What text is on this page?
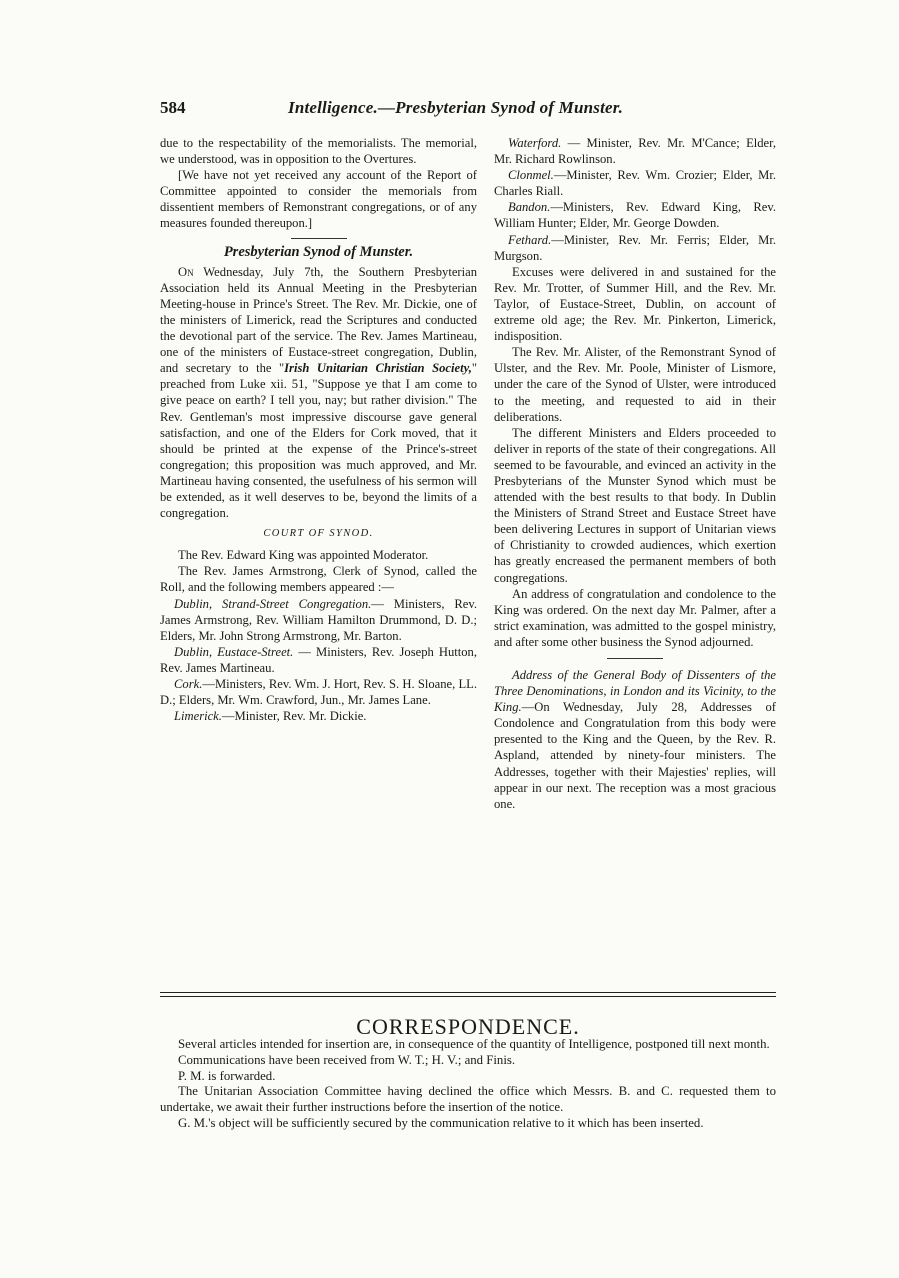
584	Intelligence.—Presbyterian Synod of Munster.

due to the respectability of the memorialists. The memorial, we understood, was in opposition to the Overtures.

[We have not yet received any account of the Report of Committee appointed to consider the memorials from dissentient members of Remonstrant congregations, or of any measures founded thereupon.]

Presbyterian Synod of Munster.

On Wednesday, July 7th, the Southern Presbyterian Association held its Annual Meeting in the Presbyterian Meeting-house in Prince's Street. The Rev. Mr. Dickie, one of the ministers of Limerick, read the Scriptures and conducted the devotional part of the service. The Rev. James Martineau, one of the ministers of Eustace-street congregation, Dublin, and secretary to the "Irish Unitarian Christian Society," preached from Luke xii. 51, "Suppose ye that I am come to give peace on earth? I tell you, nay; but rather division." The Rev. Gentleman's most impressive discourse gave general satisfaction, and one of the Elders for Cork moved, that it should be printed at the expense of the Prince's-street congregation; this proposition was much approved, and Mr. Martineau having consented, the usefulness of his sermon will be extended, as it well deserves to be, beyond the limits of a congregation.

COURT OF SYNOD.

The Rev. Edward King was appointed Moderator.

The Rev. James Armstrong, Clerk of Synod, called the Roll, and the following members appeared :—

Dublin, Strand-Street Congregation.— Ministers, Rev. James Armstrong, Rev. William Hamilton Drummond, D. D.; Elders, Mr. John Strong Armstrong, Mr. Barton.

Dublin, Eustace-Street. — Ministers, Rev. Joseph Hutton, Rev. James Martineau.

Cork.—Ministers, Rev. Wm. J. Hort, Rev. S. H. Sloane, LL. D.; Elders, Mr. Wm. Crawford, Jun., Mr. James Lane.

Limerick.—Minister, Rev. Mr. Dickie.

Waterford. — Minister, Rev. Mr. M'Cance; Elder, Mr. Richard Rowlinson.

Clonmel.—Minister, Rev. Wm. Crozier; Elder, Mr. Charles Riall.

Bandon.—Ministers, Rev. Edward King, Rev. William Hunter; Elder, Mr. George Dowden.

Fethard.—Minister, Rev. Mr. Ferris; Elder, Mr. Murgson.

Excuses were delivered in and sustained for the Rev. Mr. Trotter, of Summer Hill, and the Rev. Mr. Taylor, of Eustace-Street, Dublin, on account of extreme old age; the Rev. Mr. Pinkerton, Limerick, indisposition.

The Rev. Mr. Alister, of the Remonstrant Synod of Ulster, and the Rev. Mr. Poole, Minister of Lismore, under the care of the Synod of Ulster, were introduced to the meeting, and requested to aid in their deliberations.

The different Ministers and Elders proceeded to deliver in reports of the state of their congregations. All seemed to be favourable, and evinced an activity in the Presbyterians of the Munster Synod which must be attended with the best results to that body. In Dublin the Ministers of Strand Street and Eustace Street have been delivering Lectures in support of Unitarian views of Christianity to crowded audiences, which exertion has greatly encreased the permanent members of both congregations.

An address of congratulation and condolence to the King was ordered. On the next day Mr. Palmer, after a strict examination, was admitted to the gospel ministry, and after some other business the Synod adjourned.

Address of the General Body of Dissenters of the Three Denominations, in London and its Vicinity, to the King.—On Wednesday, July 28, Addresses of Condolence and Congratulation from this body were presented to the King and the Queen, by the Rev. R. Aspland, attended by ninety-four ministers. The Addresses, together with their Majesties' replies, will appear in our next. The reception was a most gracious one.

CORRESPONDENCE.

Several articles intended for insertion are, in consequence of the quantity of Intelligence, postponed till next month.

Communications have been received from W. T.; H. V.; and Finis.

P. M. is forwarded.

The Unitarian Association Committee having declined the office which Messrs. B. and C. requested them to undertake, we await their further instructions before the insertion of the notice.

G. M.'s object will be sufficiently secured by the communication relative to it which has been inserted.
